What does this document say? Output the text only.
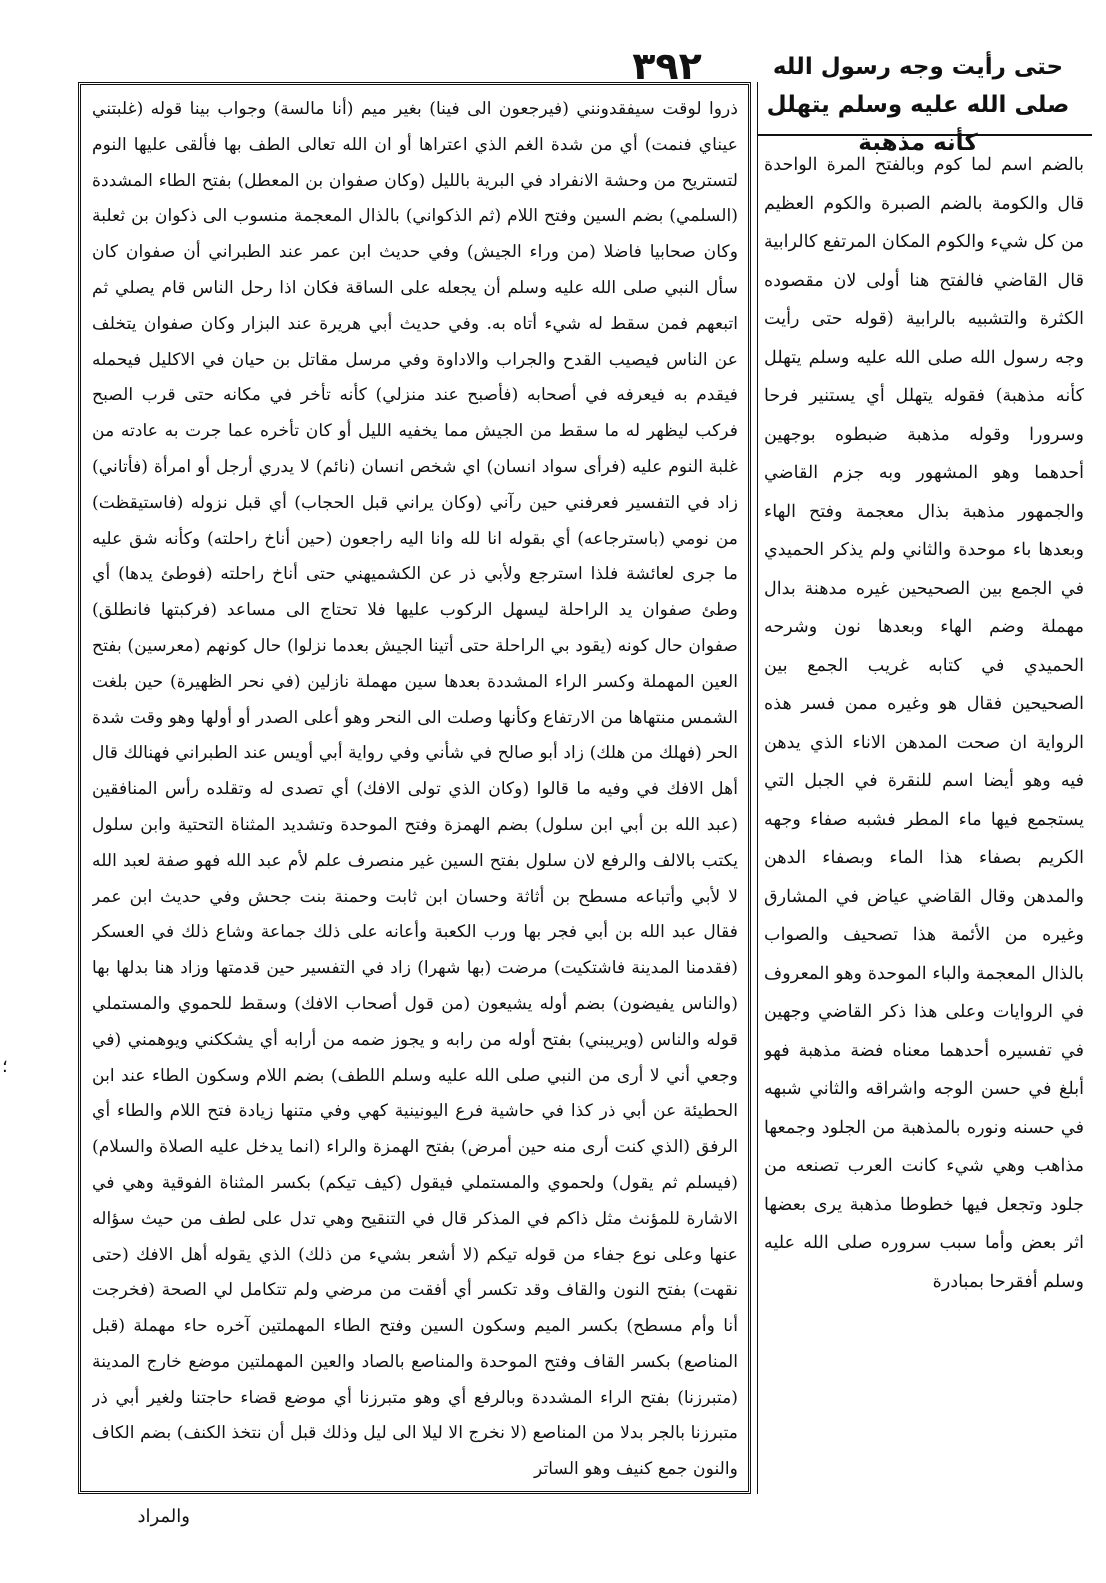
حتى رأيت وجه رسول الله صلى الله عليه وسلم يتهلل كأنه مذهبة
٣٩٢

ذروا لوقت سيفقدونني (فيرجعون الى فينا) بغير ميم (أنا مالسة) وجواب بينا قوله (غلبتني عيناي فنمت) أي من شدة الغم الذي اعتراها أو ان الله تعالى الطف بها فألقى عليها النوم لتستريح من وحشة الانفراد في البرية بالليل (وكان صفوان بن المعطل) بفتح الطاء المشددة (السلمي) بضم السين وفتح اللام (ثم الذكواني) بالذال المعجمة منسوب الى ذكوان بن ثعلبة وكان صحابيا فاضلا (من وراء الجيش) وفي حديث ابن عمر عند الطبراني أن صفوان كان سأل النبي صلى الله عليه وسلم أن يجعله على الساقة فكان اذا رحل الناس قام يصلي ثم اتبعهم فمن سقط له شيء أتاه به. وفي حديث أبي هريرة عند البزار وكان صفوان يتخلف عن الناس فيصيب القدح والجراب والاداوة وفي مرسل مقاتل بن حيان في الاكليل فيحمله فيقدم به فيعرفه في أصحابه (فأصبح عند منزلي) كأنه تأخر في مكانه حتى قرب الصبح فركب ليظهر له ما سقط من الجيش مما يخفيه الليل أو كان تأخره عما جرت به عادته من غلبة النوم عليه (فرأى سواد انسان) اي شخص انسان (نائم) لا يدري أرجل أو امرأة (فأتاني) زاد في التفسير فعرفني حين رآني (وكان يراني قبل الحجاب) أي قبل نزوله (فاستيقظت) من نومي (باسترجاعه) أي بقوله انا لله وانا اليه راجعون (حين أناخ راحلته) وكأنه شق عليه ما جرى لعائشة فلذا استرجع ولأبي ذر عن الكشميهني حتى أناخ راحلته (فوطئ يدها) أي وطئ صفوان يد الراحلة ليسهل الركوب عليها فلا تحتاج الى مساعد (فركبتها فانطلق) صفوان حال كونه (يقود بي الراحلة حتى أتينا الجيش بعدما نزلوا) حال كونهم (معرسين) بفتح العين المهملة وكسر الراء المشددة بعدها سين مهملة نازلين (في نحر الظهيرة) حين بلغت الشمس منتهاها من الارتفاع وكأنها وصلت الى النحر وهو أعلى الصدر أو أولها وهو وقت شدة الحر (فهلك من هلك) زاد أبو صالح في شأني وفي رواية أبي أويس عند الطبراني فهنالك قال أهل الافك في وفيه ما قالوا (وكان الذي تولى الافك) أي تصدى له وتقلده رأس المنافقين (عبد الله بن أبي ابن سلول) بضم الهمزة وفتح الموحدة وتشديد المثناة التحتية وابن سلول يكتب بالالف والرفع لان سلول بفتح السين غير منصرف علم لأم عبد الله فهو صفة لعبد الله لا لأبي وأتباعه مسطح بن أثاثة وحسان ابن ثابت وحمنة بنت جحش وفي حديث ابن عمر فقال عبد الله بن أبي فجر بها ورب الكعبة وأعانه على ذلك جماعة وشاع ذلك في العسكر (فقدمنا المدينة فاشتكيت) مرضت (بها شهرا) زاد في التفسير حين قدمتها وزاد هنا بدلها بها (والناس يفيضون) بضم أوله يشيعون (من قول أصحاب الافك) وسقط للحموي والمستملي قوله والناس (ويريبني) بفتح أوله من رابه و يجوز ضمه من أرابه أي يشككني ويوهمني (في وجعي أني لا أرى من النبي صلى الله عليه وسلم اللطف) بضم اللام وسكون الطاء عند ابن الحطيئة عن أبي ذر كذا في حاشية فرع اليونينية كهي وفي متنها زيادة فتح اللام والطاء أي الرفق (الذي كنت أرى منه حين أمرض) بفتح الهمزة والراء (انما يدخل عليه الصلاة والسلام) (فيسلم ثم يقول) ولحموي والمستملي فيقول (كيف تيكم) بكسر المثناة الفوقية وهي في الاشارة للمؤنث مثل ذاكم في المذكر قال في التنقيح وهي تدل على لطف من حيث سؤاله عنها وعلى نوع جفاء من قوله تيكم (لا أشعر بشيء من ذلك) الذي يقوله أهل الافك (حتى نقهت) بفتح النون والقاف وقد تكسر أي أفقت من مرضي ولم تتكامل لي الصحة (فخرجت أنا وأم مسطح) بكسر الميم وسكون السين وفتح الطاء المهملتين آخره حاء مهملة (قبل المناصع) بكسر القاف وفتح الموحدة والمناصع بالصاد والعين المهملتين موضع خارج المدينة (متبرزنا) بفتح الراء المشددة وبالرفع أي وهو متبرزنا أي موضع قضاء حاجتنا ولغير أبي ذر متبرزنا بالجر بدلا من المناصع (لا نخرج الا ليلا الى ليل وذلك قبل أن نتخذ الكنف) بضم الكاف والنون جمع كنيف وهو الساتر

بالضم اسم لما كوم وبالفتح المرة الواحدة قال والكومة بالضم الصبرة والكوم العظيم من كل شيء والكوم المكان المرتفع كالرابية قال القاضي فالفتح هنا أولى لان مقصوده الكثرة والتشبيه بالرابية (قوله حتى رأيت وجه رسول الله صلى الله عليه وسلم يتهلل كأنه مذهبة) فقوله يتهلل أي يستنير فرحا وسرورا وقوله مذهبة ضبطوه بوجهين أحدهما وهو المشهور وبه جزم القاضي والجمهور مذهبة بذال معجمة وفتح الهاء وبعدها باء موحدة والثاني ولم يذكر الحميدي في الجمع بين الصحيحين غيره مدهنة بدال مهملة وضم الهاء وبعدها نون وشرحه الحميدي في كتابه غريب الجمع بين الصحيحين فقال هو وغيره ممن فسر هذه الرواية ان صحت المدهن الاناء الذي يدهن فيه وهو أيضا اسم للنقرة في الجبل التي يستجمع فيها ماء المطر فشبه صفاء وجهه الكريم بصفاء هذا الماء وبصفاء الدهن والمدهن وقال القاضي عياض في المشارق وغيره من الأئمة هذا تصحيف والصواب بالذال المعجمة والباء الموحدة وهو المعروف في الروايات وعلى هذا ذكر القاضي وجهين في تفسيره أحدهما معناه فضة مذهبة فهو أبلغ في حسن الوجه واشراقه والثاني شبهه في حسنه ونوره بالمذهبة من الجلود وجمعها مذاهب وهي شيء كانت العرب تصنعه من جلود وتجعل فيها خطوطا مذهبة يرى بعضها اثر بعض وأما سبب سروره صلى الله عليه وسلم أفقرحا بمبادرة

والمراد
؛
